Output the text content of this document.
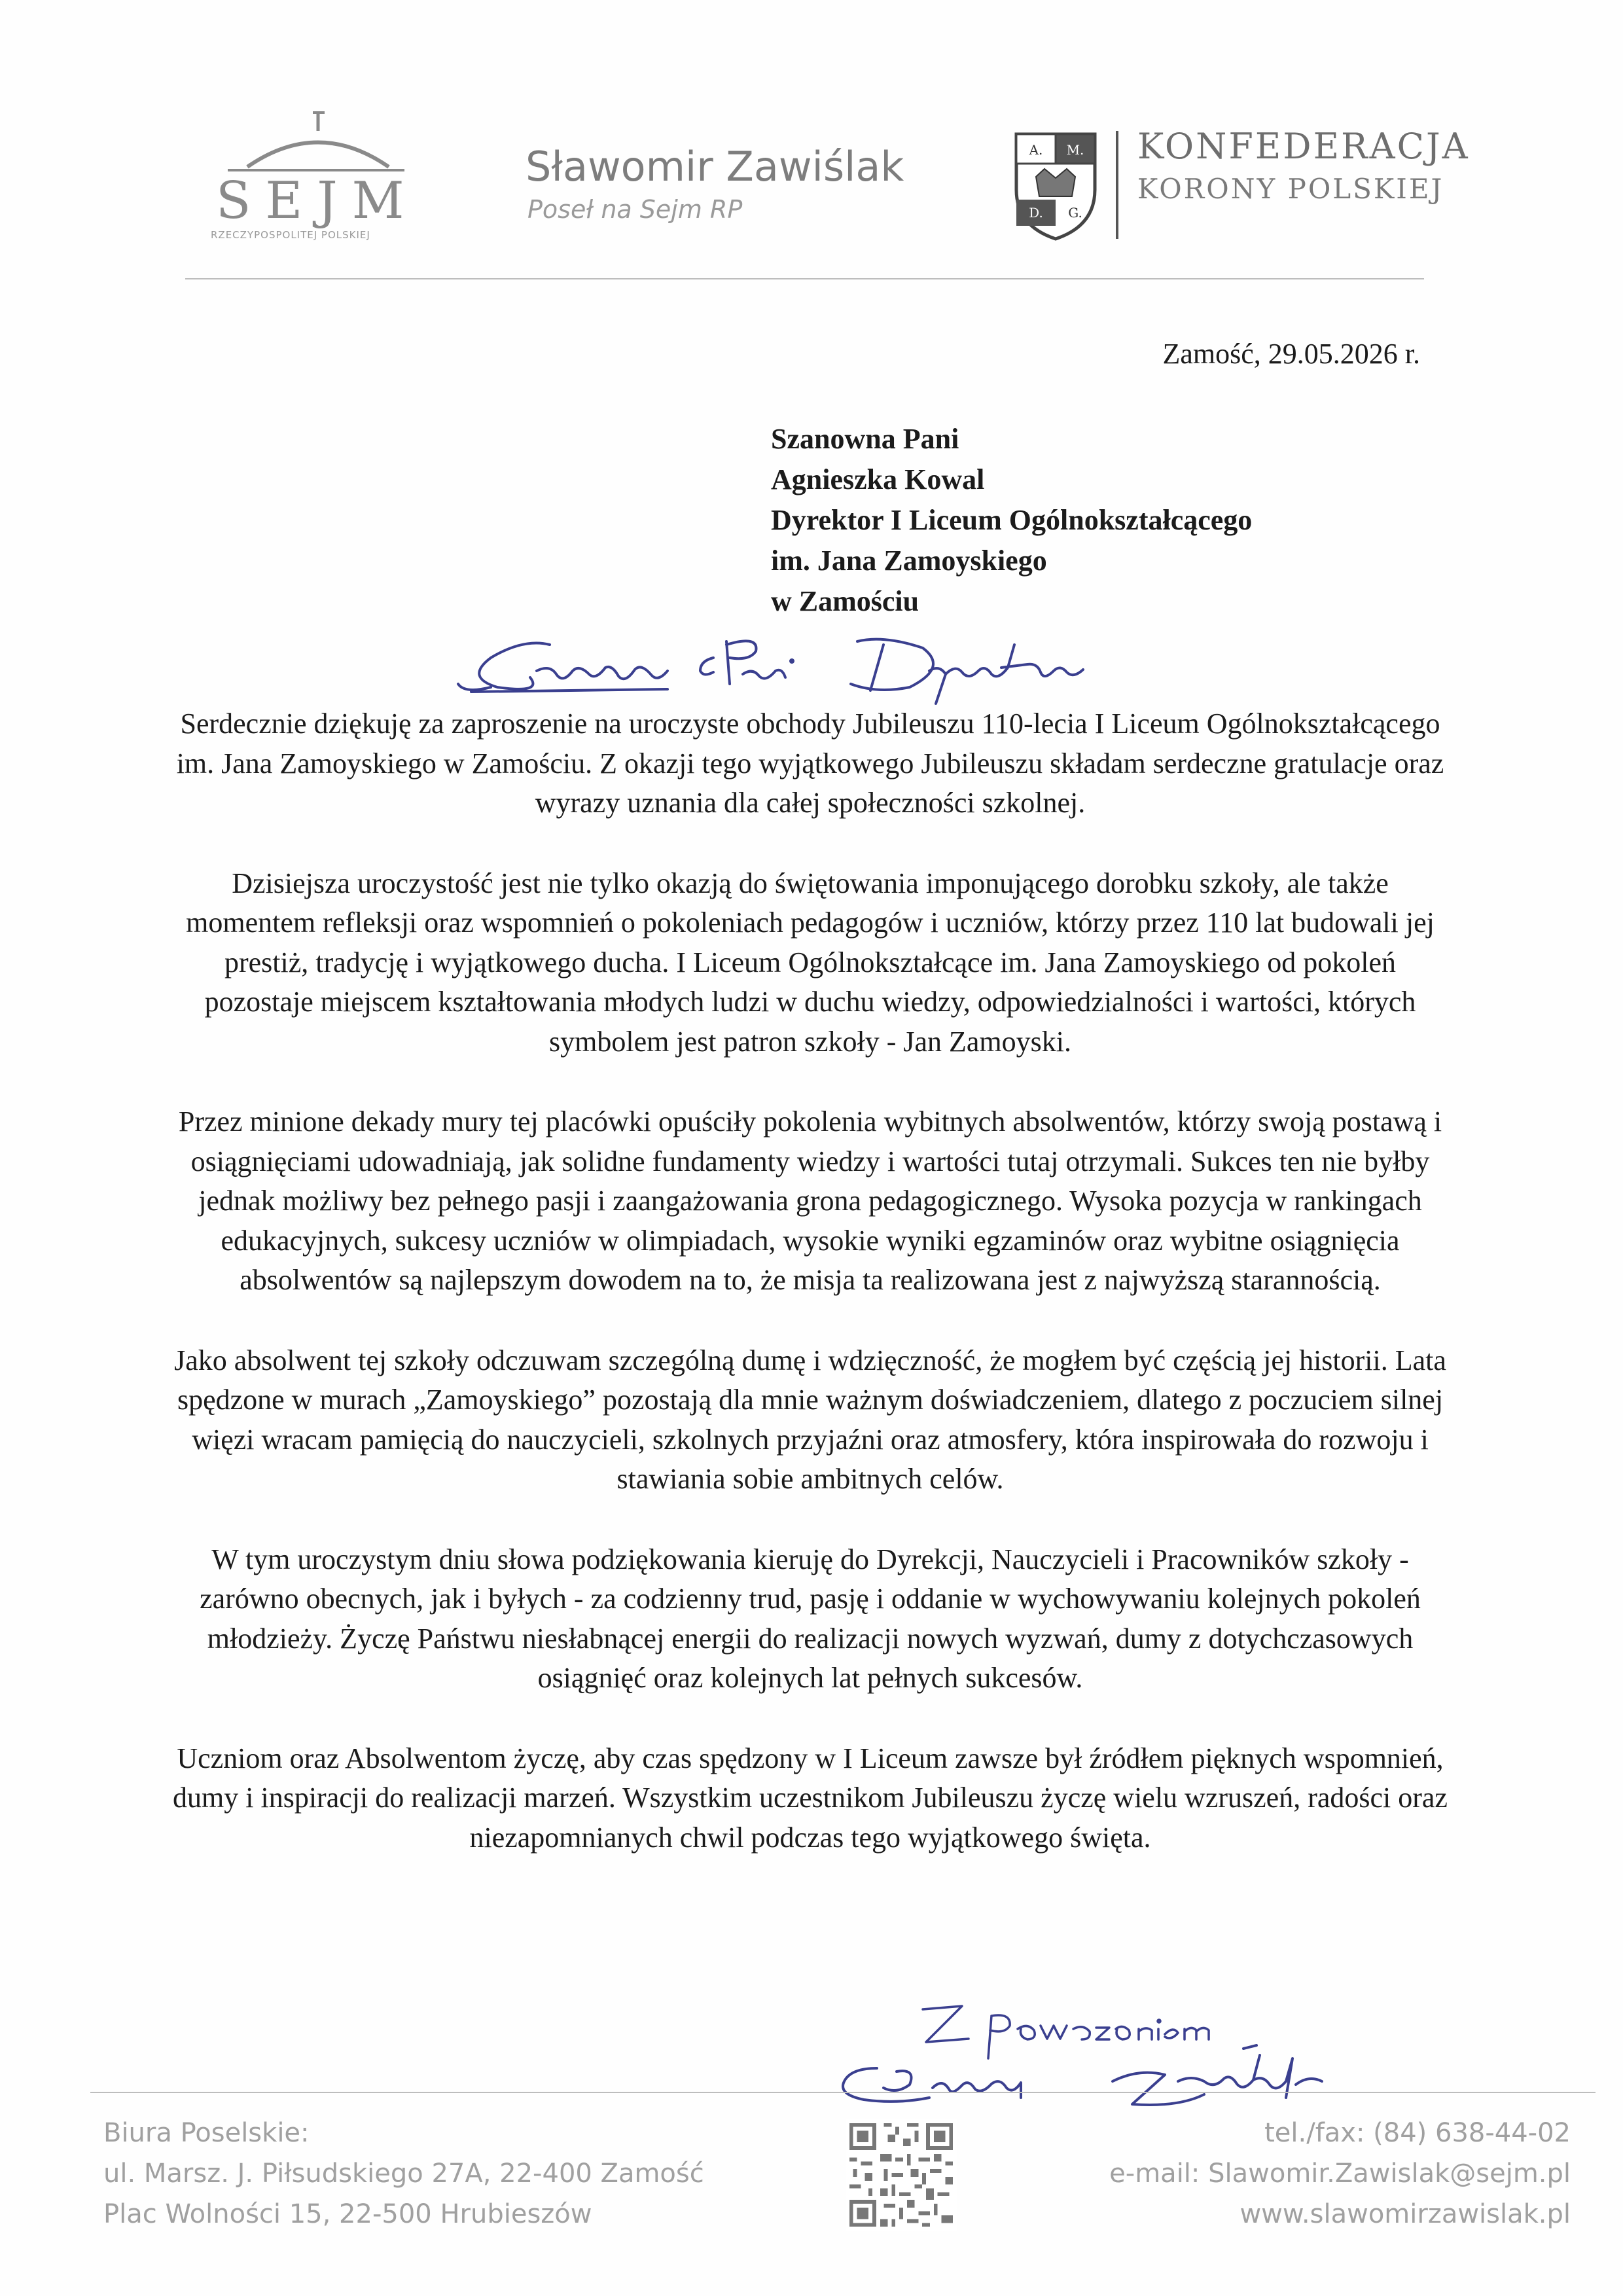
SEJM
RZECZYPOSPOLITEJ POLSKIEJ
Sławomir Zawiślak
Poseł na Sejm RP
A. M.
D. G.
KONFEDERACJA
KORONY POLSKIEJ
Zamość, 29.05.2026 r.
Szanowna Pani
Agnieszka Kowal
Dyrektor I Liceum Ogólnokształcącego
im. Jana Zamoyskiego
w Zamościu

Serdecznie dziękuję za zaproszenie na uroczyste obchody Jubileuszu 110-lecia I Liceum Ogólnokształcącego im. Jana Zamoyskiego w Zamościu. Z okazji tego wyjątkowego Jubileuszu składam serdeczne gratulacje oraz wyrazy uznania dla całej społeczności szkolnej.

Dzisiejsza uroczystość jest nie tylko okazją do świętowania imponującego dorobku szkoły, ale także momentem refleksji oraz wspomnień o pokoleniach pedagogów i uczniów, którzy przez 110 lat budowali jej prestiż, tradycję i wyjątkowego ducha. I Liceum Ogólnokształcące im. Jana Zamoyskiego od pokoleń pozostaje miejscem kształtowania młodych ludzi w duchu wiedzy, odpowiedzialności i wartości, których symbolem jest patron szkoły - Jan Zamoyski.

Przez minione dekady mury tej placówki opuściły pokolenia wybitnych absolwentów, którzy swoją postawą i osiągnięciami udowadniają, jak solidne fundamenty wiedzy i wartości tutaj otrzymali. Sukces ten nie byłby jednak możliwy bez pełnego pasji i zaangażowania grona pedagogicznego. Wysoka pozycja w rankingach edukacyjnych, sukcesy uczniów w olimpiadach, wysokie wyniki egzaminów oraz wybitne osiągnięcia absolwentów są najlepszym dowodem na to, że misja ta realizowana jest z najwyższą starannością.

Jako absolwent tej szkoły odczuwam szczególną dumę i wdzięczność, że mogłem być częścią jej historii. Lata spędzone w murach „Zamoyskiego” pozostają dla mnie ważnym doświadczeniem, dlatego z poczuciem silnej więzi wracam pamięcią do nauczycieli, szkolnych przyjaźni oraz atmosfery, która inspirowała do rozwoju i stawiania sobie ambitnych celów.

W tym uroczystym dniu słowa podziękowania kieruję do Dyrekcji, Nauczycieli i Pracowników szkoły - zarówno obecnych, jak i byłych - za codzienny trud, pasję i oddanie w wychowywaniu kolejnych pokoleń młodzieży. Życzę Państwu niesłabnącej energii do realizacji nowych wyzwań, dumy z dotychczasowych osiągnięć oraz kolejnych lat pełnych sukcesów.

Uczniom oraz Absolwentom życzę, aby czas spędzony w I Liceum zawsze był źródłem pięknych wspomnień, dumy i inspiracji do realizacji marzeń. Wszystkim uczestnikom Jubileuszu życzę wielu wzruszeń, radości oraz niezapomnianych chwil podczas tego wyjątkowego święta.

Biura Poselskie:
ul. Marsz. J. Piłsudskiego 27A, 22-400 Zamość
Plac Wolności 15, 22-500 Hrubieszów
tel./fax: (84) 638-44-02
e-mail: Slawomir.Zawislak@sejm.pl
www.slawomirzawislak.pl
